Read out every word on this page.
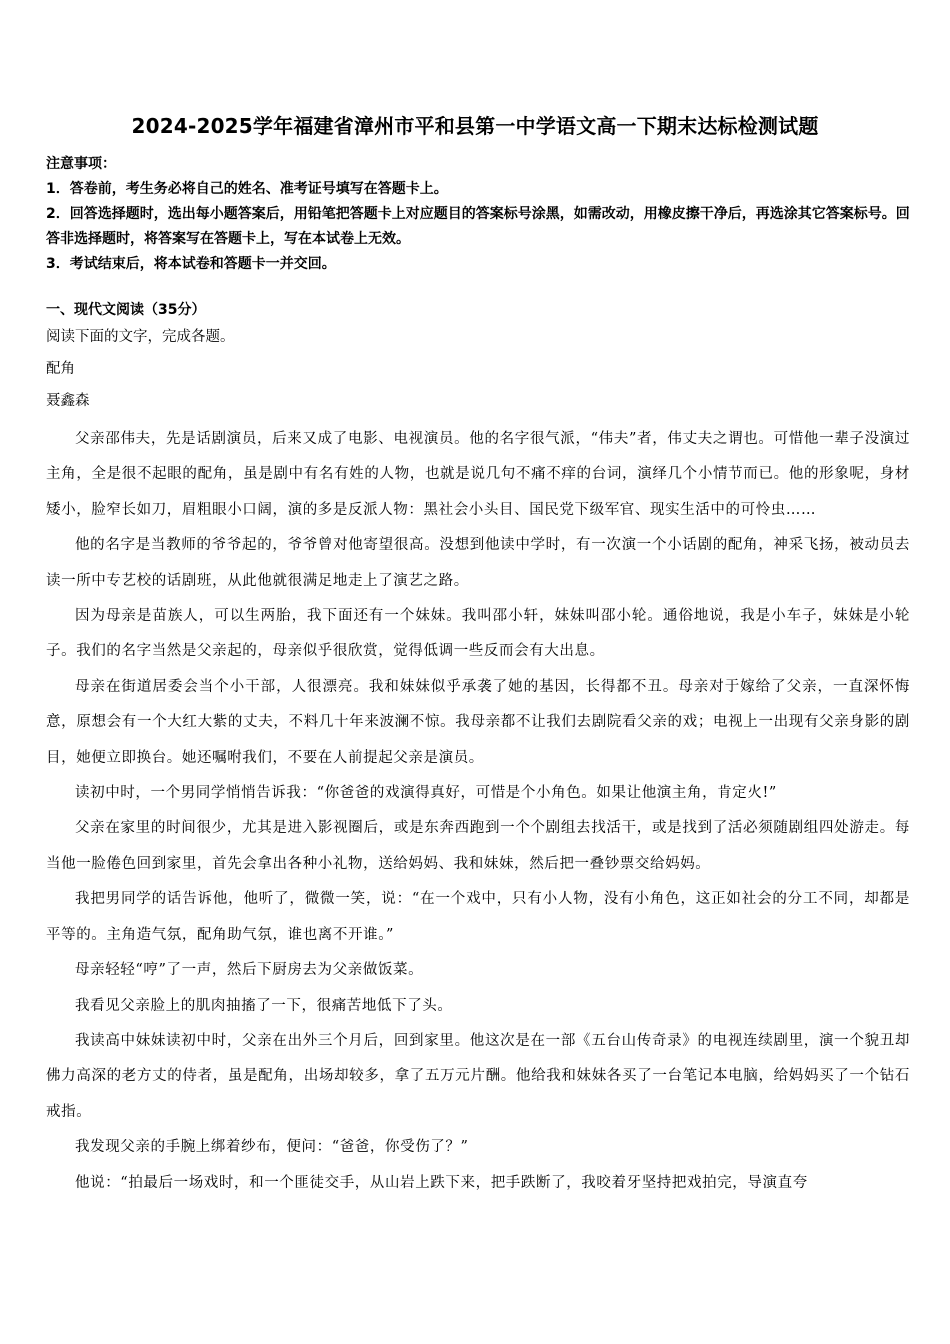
2024-2025学年福建省漳州市平和县第一中学语文高一下期末达标检测试题

注意事项：

1．答卷前，考生务必将自己的姓名、准考证号填写在答题卡上。

2．回答选择题时，选出每小题答案后，用铅笔把答题卡上对应题目的答案标号涂黑，如需改动，用橡皮擦干净后，再选涂其它答案标号。回答非选择题时，将答案写在答题卡上，写在本试卷上无效。

3．考试结束后，将本试卷和答题卡一并交回。

一、现代文阅读（35分）

阅读下面的文字，完成各题。

配角

聂鑫森

父亲邵伟夫，先是话剧演员，后来又成了电影、电视演员。他的名字很气派，“伟夫”者，伟丈夫之谓也。可惜他一辈子没演过主角，全是很不起眼的配角，虽是剧中有名有姓的人物，也就是说几句不痛不痒的台词，演绎几个小情节而已。他的形象呢，身材矮小，脸窄长如刀，眉粗眼小口阔，演的多是反派人物：黑社会小头目、国民党下级军官、现实生活中的可怜虫……

他的名字是当教师的爷爷起的，爷爷曾对他寄望很高。没想到他读中学时，有一次演一个小话剧的配角，神采飞扬，被动员去读一所中专艺校的话剧班，从此他就很满足地走上了演艺之路。

因为母亲是苗族人，可以生两胎，我下面还有一个妹妹。我叫邵小轩，妹妹叫邵小轮。通俗地说，我是小车子，妹妹是小轮子。我们的名字当然是父亲起的，母亲似乎很欣赏，觉得低调一些反而会有大出息。

母亲在街道居委会当个小干部，人很漂亮。我和妹妹似乎承袭了她的基因，长得都不丑。母亲对于嫁给了父亲，一直深怀悔意，原想会有一个大红大紫的丈夫，不料几十年来波澜不惊。我母亲都不让我们去剧院看父亲的戏；电视上一出现有父亲身影的剧目，她便立即换台。她还嘱咐我们，不要在人前提起父亲是演员。

读初中时，一个男同学悄悄告诉我：“你爸爸的戏演得真好，可惜是个小角色。如果让他演主角，肯定火!”

父亲在家里的时间很少，尤其是进入影视圈后，或是东奔西跑到一个个剧组去找活干，或是找到了活必须随剧组四处游走。每当他一脸倦色回到家里，首先会拿出各种小礼物，送给妈妈、我和妹妹，然后把一叠钞票交给妈妈。

我把男同学的话告诉他，他听了，微微一笑，说：“在一个戏中，只有小人物，没有小角色，这正如社会的分工不同，却都是平等的。主角造气氛，配角助气氛，谁也离不开谁。”

母亲轻轻“哼”了一声，然后下厨房去为父亲做饭菜。

我看见父亲脸上的肌肉抽搐了一下，很痛苦地低下了头。

我读高中妹妹读初中时，父亲在出外三个月后，回到家里。他这次是在一部《五台山传奇录》的电视连续剧里，演一个貌丑却佛力高深的老方丈的侍者，虽是配角，出场却较多，拿了五万元片酬。他给我和妹妹各买了一台笔记本电脑，给妈妈买了一个钻石戒指。

我发现父亲的手腕上绑着纱布，便问：“爸爸，你受伤了？”

他说：“拍最后一场戏时，和一个匪徒交手，从山岩上跌下来，把手跌断了，我咬着牙坚持把戏拍完，导演直夸
